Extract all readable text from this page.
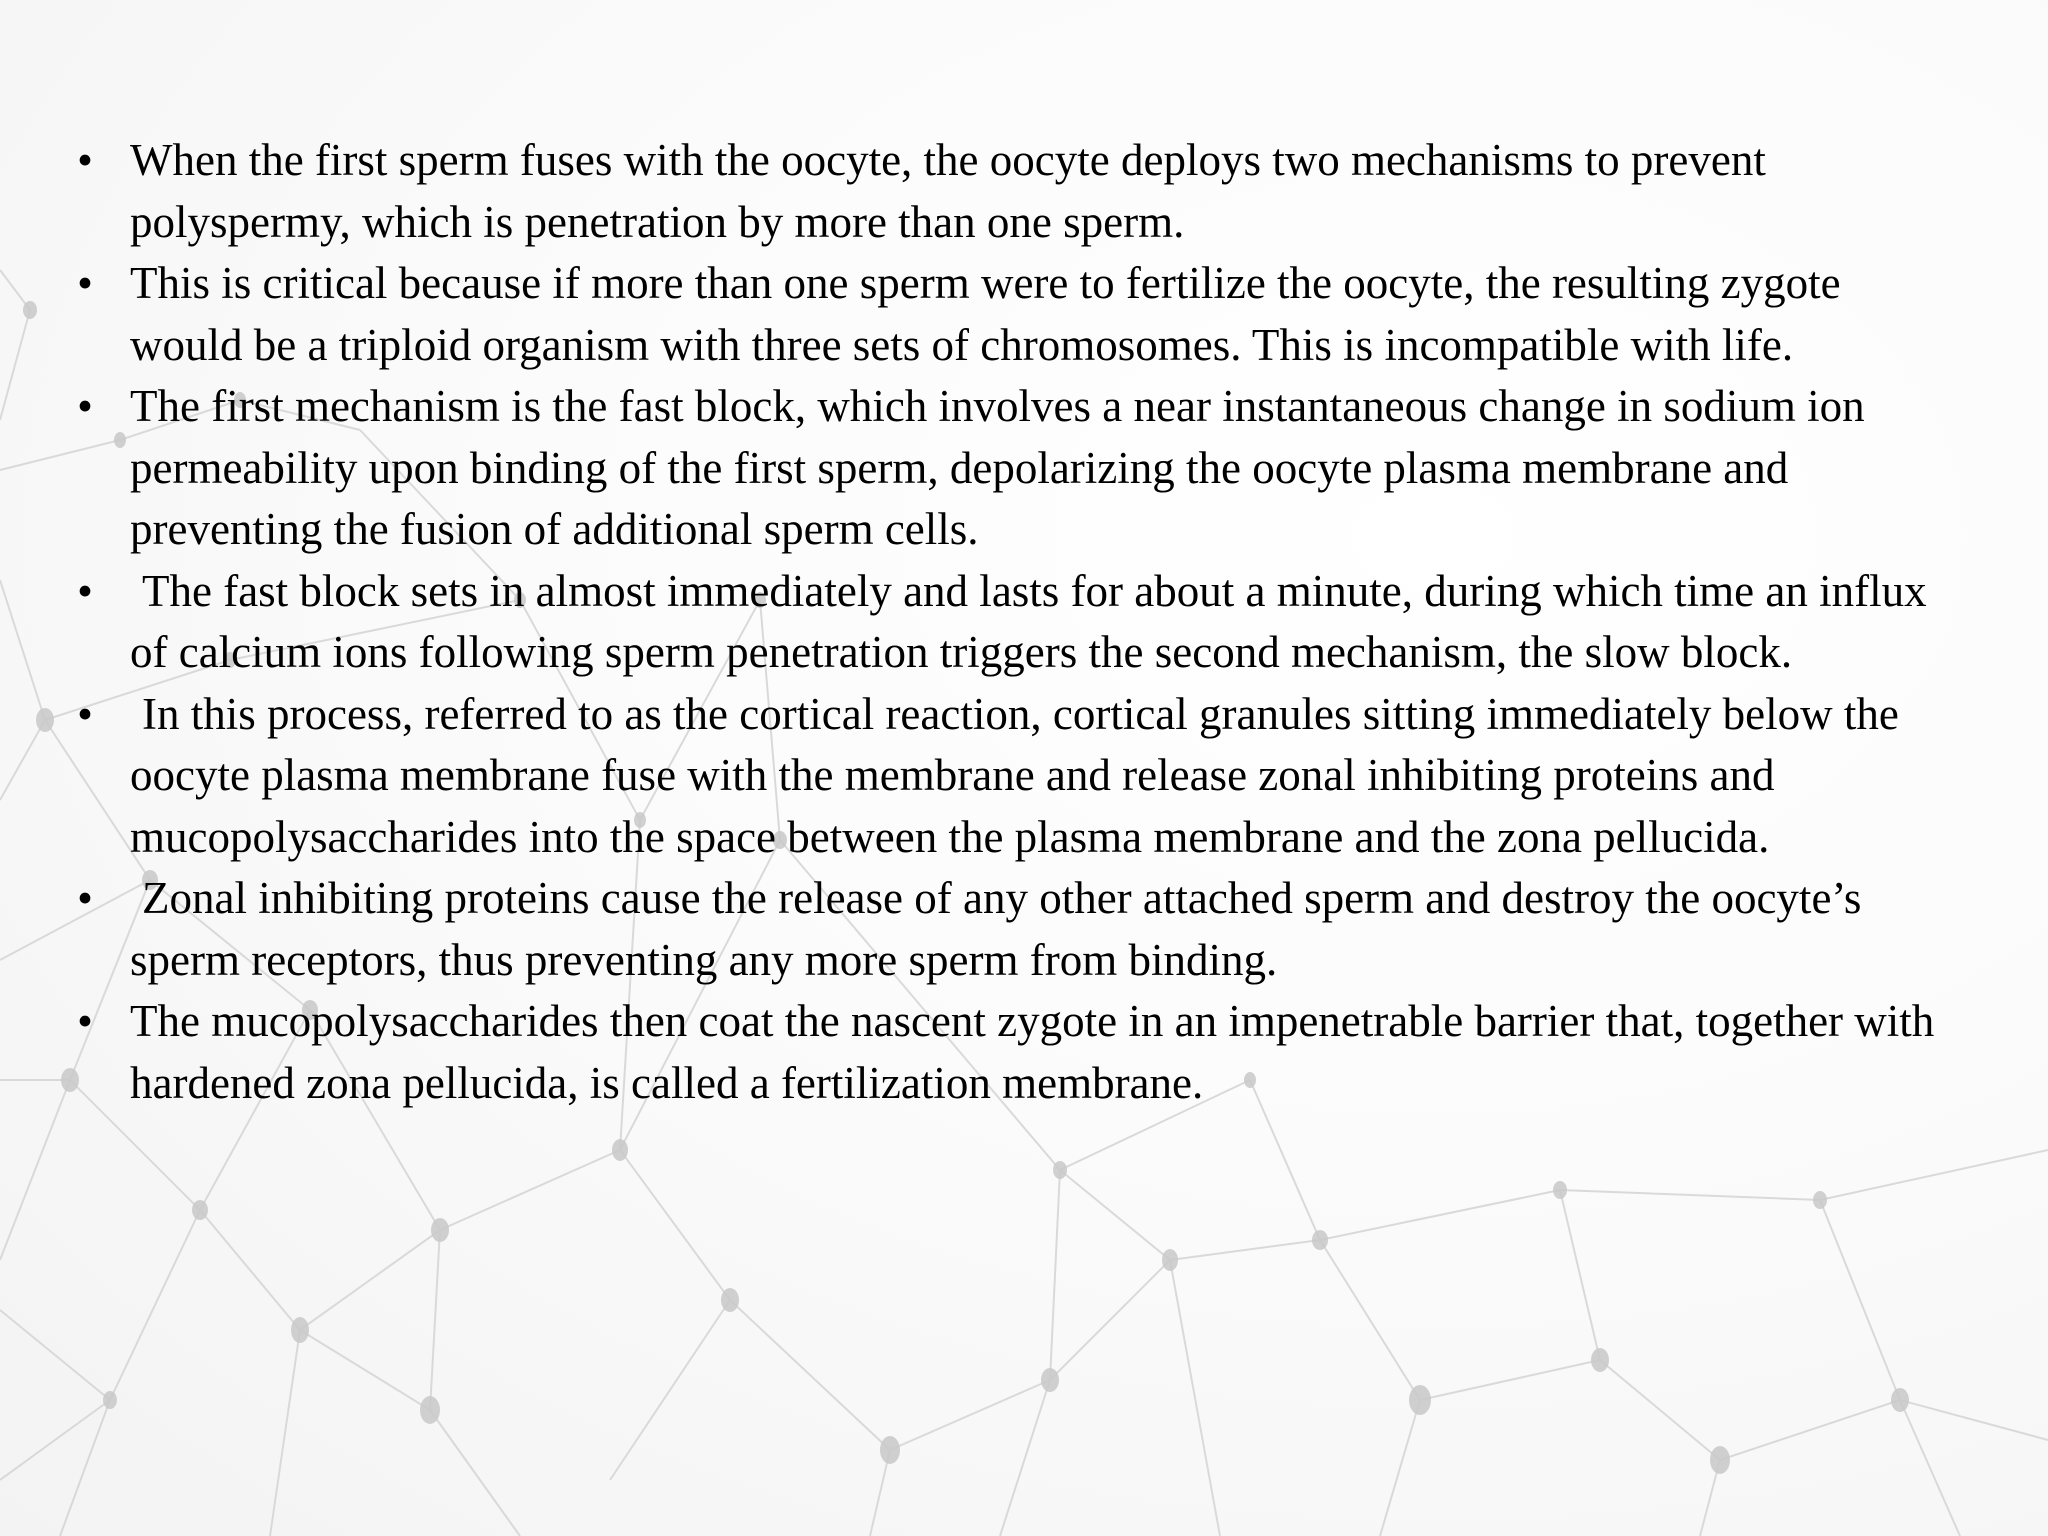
• When the first sperm fuses with the oocyte, the oocyte deploys two mechanisms to prevent polyspermy, which is penetration by more than one sperm.
• This is critical because if more than one sperm were to fertilize the oocyte, the resulting zygote would be a triploid organism with three sets of chromosomes. This is incompatible with life.
• The first mechanism is the fast block, which involves a near instantaneous change in sodium ion permeability upon binding of the first sperm, depolarizing the oocyte plasma membrane and preventing the fusion of additional sperm cells.
• The fast block sets in almost immediately and lasts for about a minute, during which time an influx of calcium ions following sperm penetration triggers the second mechanism, the slow block.
• In this process, referred to as the cortical reaction, cortical granules sitting immediately below the oocyte plasma membrane fuse with the membrane and release zonal inhibiting proteins and mucopolysaccharides into the space between the plasma membrane and the zona pellucida.
• Zonal inhibiting proteins cause the release of any other attached sperm and destroy the oocyte’s sperm receptors, thus preventing any more sperm from binding.
• The mucopolysaccharides then coat the nascent zygote in an impenetrable barrier that, together with hardened zona pellucida, is called a fertilization membrane.
